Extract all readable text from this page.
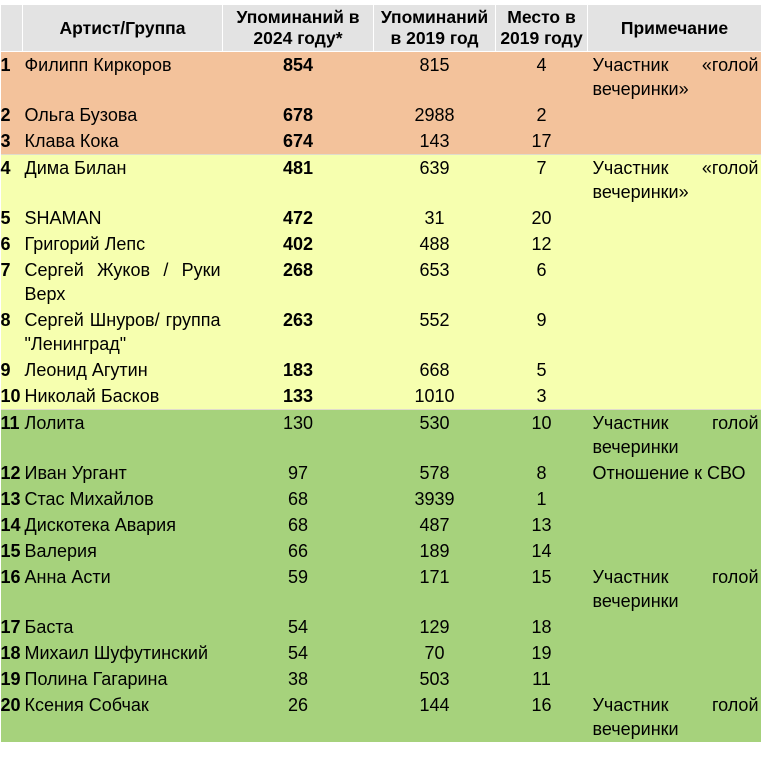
	Артист/Группа	Упоминаний в 2024 году*	Упоминаний в 2019 год	Место в 2019 году	Примечание
1	Филипп Киркоров	854	815	4	Участник «голой вечеринки»
2	Ольга Бузова	678	2988	2	
3	Клава Кока	674	143	17	
4	Дима Билан	481	639	7	Участник «голой вечеринки»
5	SHAMAN	472	31	20	
6	Григорий Лепс	402	488	12	
7	Сергей Жуков / Руки Верх	268	653	6	
8	Сергей Шнуров/ группа "Ленинград"	263	552	9	
9	Леонид Агутин	183	668	5	
10	Николай Басков	133	1010	3	
11	Лолита	130	530	10	Участник голой вечеринки
12	Иван Ургант	97	578	8	Отношение к СВО
13	Стас Михайлов	68	3939	1	
14	Дискотека Авария	68	487	13	
15	Валерия	66	189	14	
16	Анна Асти	59	171	15	Участник голой вечеринки
17	Баста	54	129	18	
18	Михаил Шуфутинский	54	70	19	
19	Полина Гагарина	38	503	11	
20	Ксения Собчак	26	144	16	Участник голой вечеринки
